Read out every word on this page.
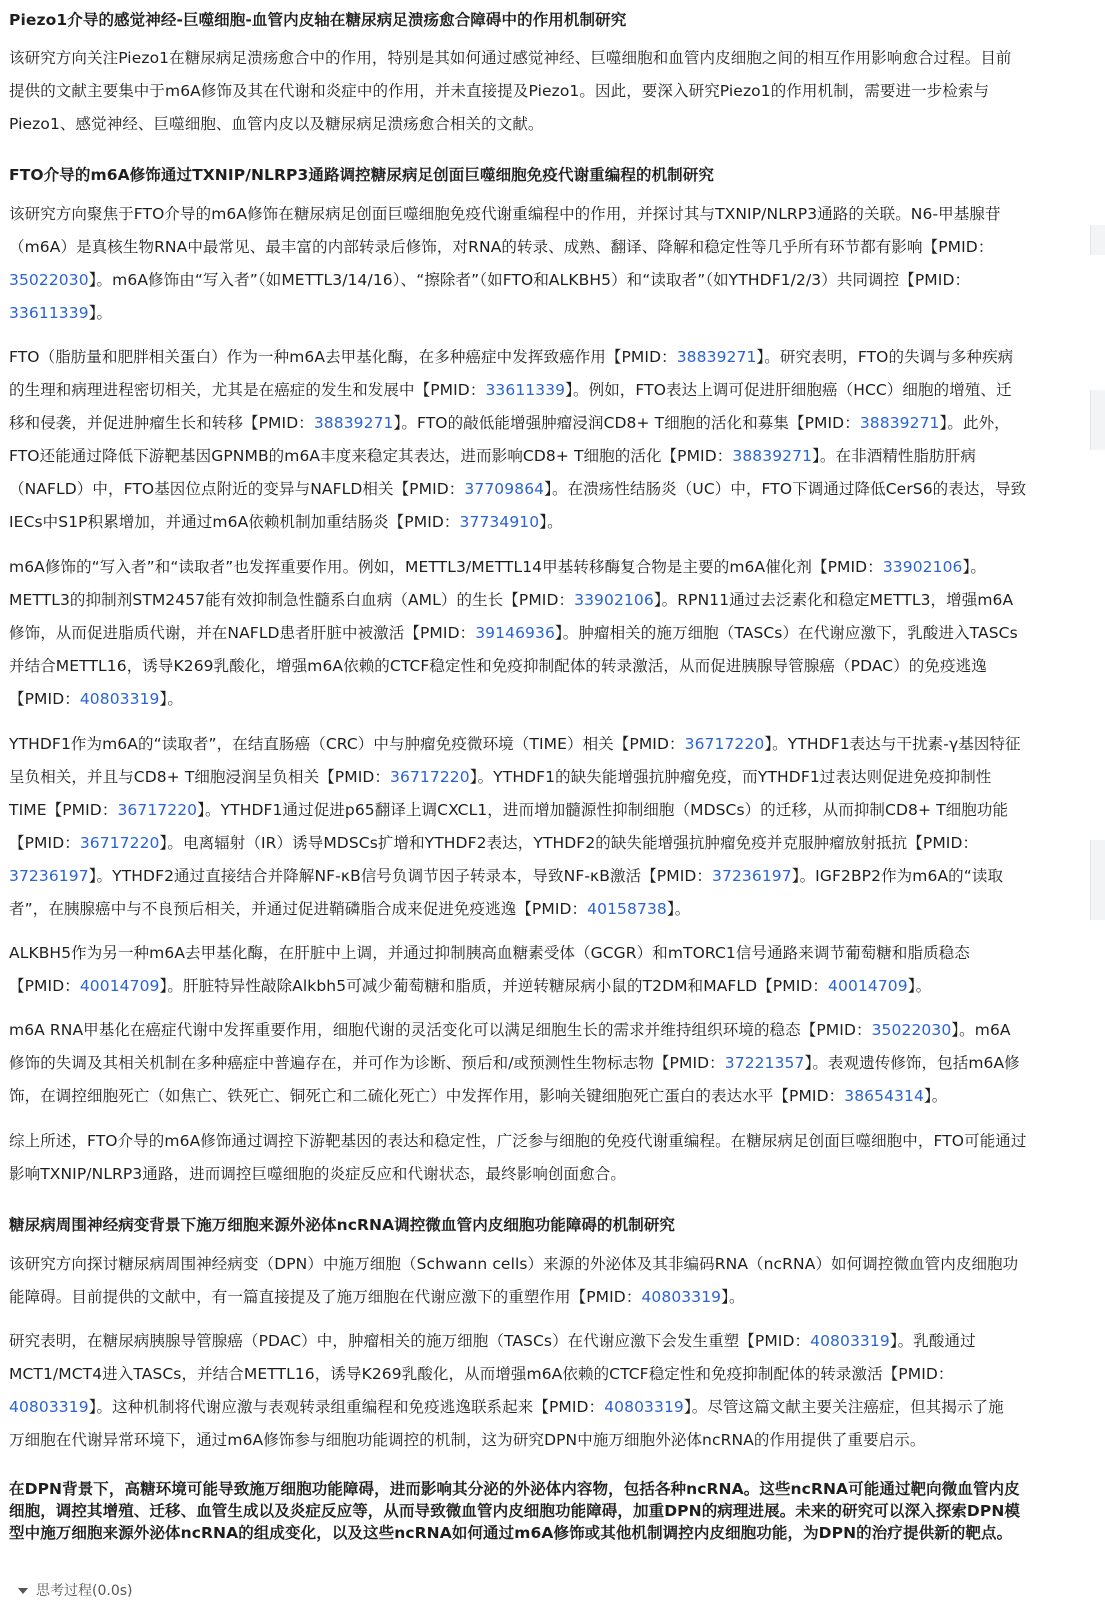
Piezo1介导的感觉神经-巨噬细胞-血管内皮轴在糖尿病足溃疡愈合障碍中的作用机制研究
该研究方向关注Piezo1在糖尿病足溃疡愈合中的作用，特别是其如何通过感觉神经、巨噬细胞和血管内皮细胞之间的相互作用影响愈合过程。目前
提供的文献主要集中于m6A修饰及其在代谢和炎症中的作用，并未直接提及Piezo1。因此，要深入研究Piezo1的作用机制，需要进一步检索与
Piezo1、感觉神经、巨噬细胞、血管内皮以及糖尿病足溃疡愈合相关的文献。
FTO介导的m6A修饰通过TXNIP/NLRP3通路调控糖尿病足创面巨噬细胞免疫代谢重编程的机制研究
该研究方向聚焦于FTO介导的m6A修饰在糖尿病足创面巨噬细胞免疫代谢重编程中的作用，并探讨其与TXNIP/NLRP3通路的关联。N6-甲基腺苷
（m6A）是真核生物RNA中最常见、最丰富的内部转录后修饰，对RNA的转录、成熟、翻译、降解和稳定性等几乎所有环节都有影响【PMID：
35022030】。m6A修饰由“写入者”（如METTL3/14/16）、“擦除者”（如FTO和ALKBH5）和“读取者”（如YTHDF1/2/3）共同调控【PMID：
33611339】。
FTO（脂肪量和肥胖相关蛋白）作为一种m6A去甲基化酶，在多种癌症中发挥致癌作用【PMID：38839271】。研究表明，FTO的失调与多种疾病
的生理和病理进程密切相关，尤其是在癌症的发生和发展中【PMID：33611339】。例如，FTO表达上调可促进肝细胞癌（HCC）细胞的增殖、迁
移和侵袭，并促进肿瘤生长和转移【PMID：38839271】。FTO的敲低能增强肿瘤浸润CD8+ T细胞的活化和募集【PMID：38839271】。此外，
FTO还能通过降低下游靶基因GPNMB的m6A丰度来稳定其表达，进而影响CD8+ T细胞的活化【PMID：38839271】。在非酒精性脂肪肝病
（NAFLD）中，FTO基因位点附近的变异与NAFLD相关【PMID：37709864】。在溃疡性结肠炎（UC）中，FTO下调通过降低CerS6的表达，导致
IECs中S1P积累增加，并通过m6A依赖机制加重结肠炎【PMID：37734910】。
m6A修饰的“写入者”和“读取者”也发挥重要作用。例如，METTL3/METTL14甲基转移酶复合物是主要的m6A催化剂【PMID：33902106】。
METTL3的抑制剂STM2457能有效抑制急性髓系白血病（AML）的生长【PMID：33902106】。RPN11通过去泛素化和稳定METTL3，增强m6A
修饰，从而促进脂质代谢，并在NAFLD患者肝脏中被激活【PMID：39146936】。肿瘤相关的施万细胞（TASCs）在代谢应激下，乳酸进入TASCs
并结合METTL16，诱导K269乳酸化，增强m6A依赖的CTCF稳定性和免疫抑制配体的转录激活，从而促进胰腺导管腺癌（PDAC）的免疫逃逸
【PMID：40803319】。
YTHDF1作为m6A的“读取者”，在结直肠癌（CRC）中与肿瘤免疫微环境（TIME）相关【PMID：36717220】。YTHDF1表达与干扰素-γ基因特征
呈负相关，并且与CD8+ T细胞浸润呈负相关【PMID：36717220】。YTHDF1的缺失能增强抗肿瘤免疫，而YTHDF1过表达则促进免疫抑制性
TIME【PMID：36717220】。YTHDF1通过促进p65翻译上调CXCL1，进而增加髓源性抑制细胞（MDSCs）的迁移，从而抑制CD8+ T细胞功能
【PMID：36717220】。电离辐射（IR）诱导MDSCs扩增和YTHDF2表达，YTHDF2的缺失能增强抗肿瘤免疫并克服肿瘤放射抵抗【PMID：
37236197】。YTHDF2通过直接结合并降解NF-κB信号负调节因子转录本，导致NF-κB激活【PMID：37236197】。IGF2BP2作为m6A的“读取
者”，在胰腺癌中与不良预后相关，并通过促进鞘磷脂合成来促进免疫逃逸【PMID：40158738】。
ALKBH5作为另一种m6A去甲基化酶，在肝脏中上调，并通过抑制胰高血糖素受体（GCGR）和mTORC1信号通路来调节葡萄糖和脂质稳态
【PMID：40014709】。肝脏特异性敲除Alkbh5可减少葡萄糖和脂质，并逆转糖尿病小鼠的T2DM和MAFLD【PMID：40014709】。
m6A RNA甲基化在癌症代谢中发挥重要作用，细胞代谢的灵活变化可以满足细胞生长的需求并维持组织环境的稳态【PMID：35022030】。m6A
修饰的失调及其相关机制在多种癌症中普遍存在，并可作为诊断、预后和/或预测性生物标志物【PMID：37221357】。表观遗传修饰，包括m6A修
饰，在调控细胞死亡（如焦亡、铁死亡、铜死亡和二硫化死亡）中发挥作用，影响关键细胞死亡蛋白的表达水平【PMID：38654314】。
综上所述，FTO介导的m6A修饰通过调控下游靶基因的表达和稳定性，广泛参与细胞的免疫代谢重编程。在糖尿病足创面巨噬细胞中，FTO可能通过
影响TXNIP/NLRP3通路，进而调控巨噬细胞的炎症反应和代谢状态，最终影响创面愈合。
糖尿病周围神经病变背景下施万细胞来源外泌体ncRNA调控微血管内皮细胞功能障碍的机制研究
该研究方向探讨糖尿病周围神经病变（DPN）中施万细胞（Schwann cells）来源的外泌体及其非编码RNA（ncRNA）如何调控微血管内皮细胞功
能障碍。目前提供的文献中，有一篇直接提及了施万细胞在代谢应激下的重塑作用【PMID：40803319】。
研究表明，在糖尿病胰腺导管腺癌（PDAC）中，肿瘤相关的施万细胞（TASCs）在代谢应激下会发生重塑【PMID：40803319】。乳酸通过
MCT1/MCT4进入TASCs，并结合METTL16，诱导K269乳酸化，从而增强m6A依赖的CTCF稳定性和免疫抑制配体的转录激活【PMID：
40803319】。这种机制将代谢应激与表观转录组重编程和免疫逃逸联系起来【PMID：40803319】。尽管这篇文献主要关注癌症，但其揭示了施
万细胞在代谢异常环境下，通过m6A修饰参与细胞功能调控的机制，这为研究DPN中施万细胞外泌体ncRNA的作用提供了重要启示。
在DPN背景下，高糖环境可能导致施万细胞功能障碍，进而影响其分泌的外泌体内容物，包括各种ncRNA。这些ncRNA可能通过靶向微血管内皮
细胞，调控其增殖、迁移、血管生成以及炎症反应等，从而导致微血管内皮细胞功能障碍，加重DPN的病理进展。未来的研究可以深入探索DPN模
型中施万细胞来源外泌体ncRNA的组成变化，以及这些ncRNA如何通过m6A修饰或其他机制调控内皮细胞功能，为DPN的治疗提供新的靶点。
思考过程(0.0s)
